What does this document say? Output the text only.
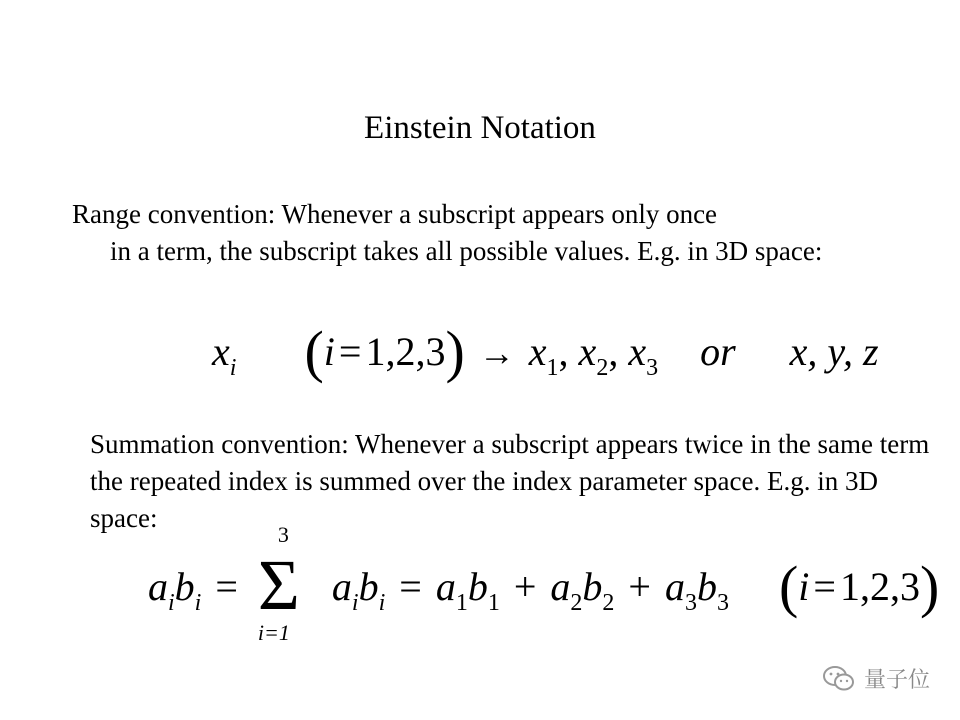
Einstein Notation
Range convention: Whenever a subscript appears only once
in a term, the subscript takes all possible values. E.g. in 3D space:
$x_i$ $(i = 1,2,3) \to x_1$, $x_2$, $x_3$ or x, y, z

Summation convention: Whenever a subscript appears twice in the same term the repeated index is summed over the index parameter space. E.g. in 3D space:

$a_ib_i$ =
3
Σ
i=1
$a_ib_i = a_1b_1 + a_2b_2 + a_3b_3$ (i = 1,2,3)
量子位
